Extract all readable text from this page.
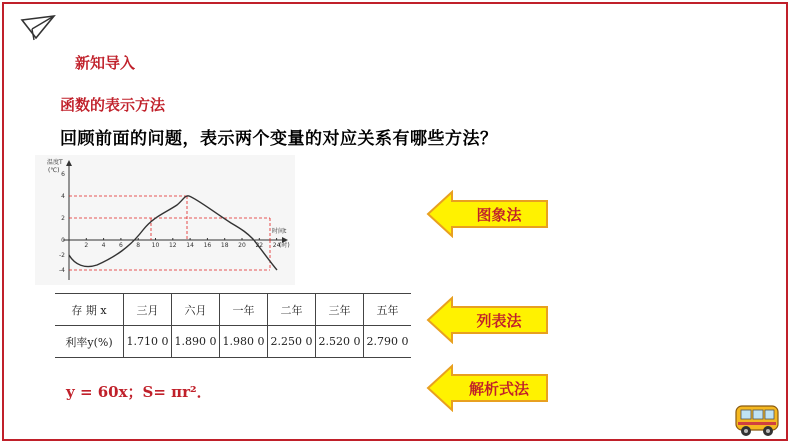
新知导入
函数的表示方法
回顾前面的问题，表示两个变量的对应关系有哪些方法？
温度T
(℃)
时间t
2 4 6 8 10 12 14 16 18 20 22 24
(时)
6
4
2
0
-2
-4
存 期 x	三月	六月	一年	二年	三年	五年
利率y(%)	1.710 0	1.890 0	1.980 0	2.250 0	2.520 0	2.790 0
y = 60x；S= πr²．
图象法
列表法
解析式法
